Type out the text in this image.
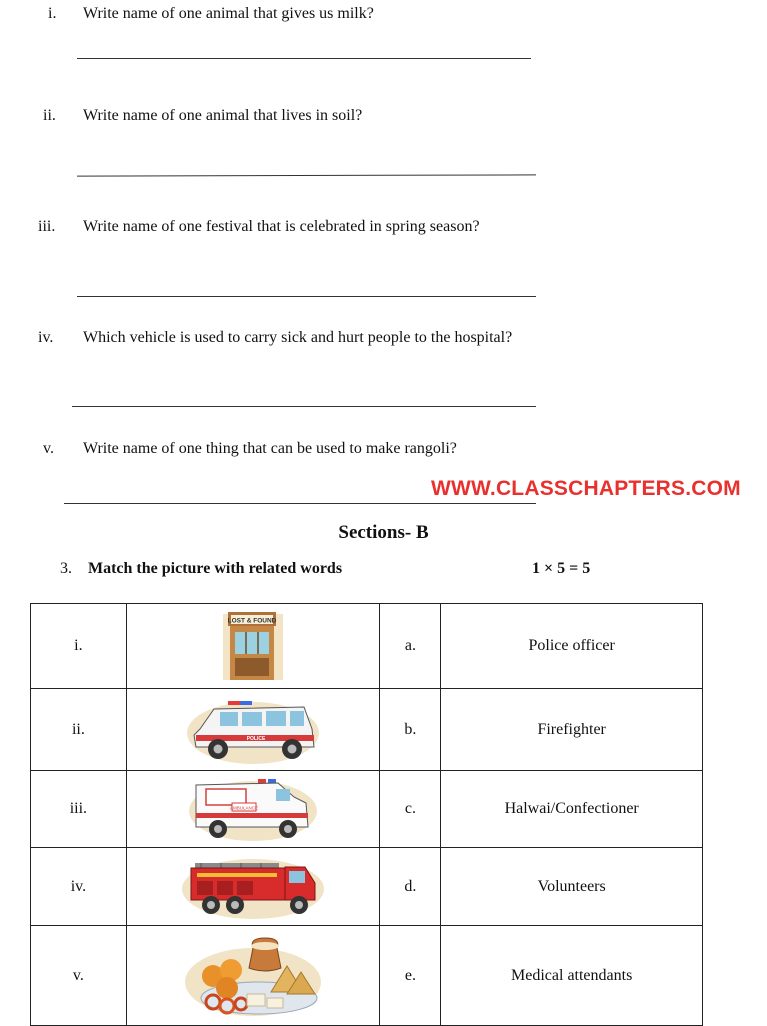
i. Write name of one animal that gives us milk?
ii. Write name of one animal that lives in soil?
iii. Write name of one festival that is celebrated in spring season?
iv. Which vehicle is used to carry sick and hurt people to the hospital?
v. Write name of one thing that can be used to make rangoli?
WWW.CLASSCHAPTERS.COM
Sections- B
3. Match the picture with related words	1 × 5 = 5
i.	LOST & FOUND	a.	Police officer
ii.	POLICE	b.	Firefighter
iii.	AMBULANCE	c.	Halwai/Confectioner
iv.		d.	Volunteers
v.		e.	Medical attendants
